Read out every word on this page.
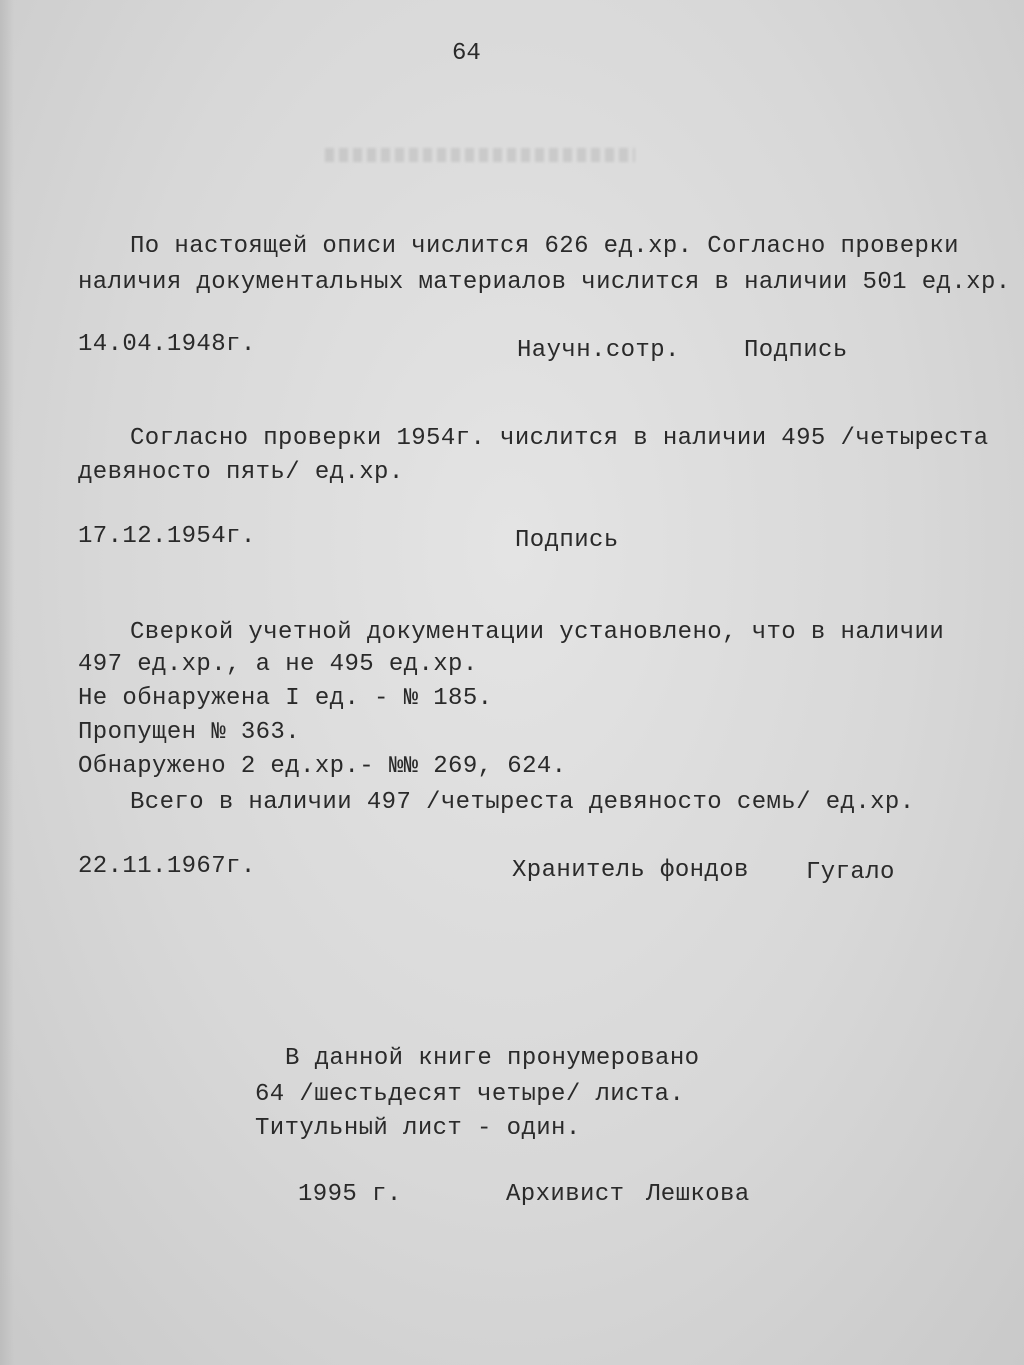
64
По настоящей описи числится 626 ед.хр. Согласно проверки
наличия документальных материалов числится в наличии 501 ед.хр.
14.04.1948г.	Научн.сотр.	Подпись
Согласно проверки 1954г. числится в наличии 495 /четыреста
девяносто пять/ ед.хр.
17.12.1954г.	Подпись
Сверкой учетной документации установлено, что в наличии
497 ед.хр., а не 495 ед.хр.
Не обнаружена I ед. - № 185.
Пропущен № 363.
Обнаружено 2 ед.хр.- №№ 269, 624.
Всего в наличии 497 /четыреста девяносто семь/ ед.хр.
22.11.1967г.	Хранитель фондов Гугало
В данной книге пронумеровано
64 /шестьдесят четыре/ листа.
Титульный лист - один.
1995 г.	Архивист Лешкова
